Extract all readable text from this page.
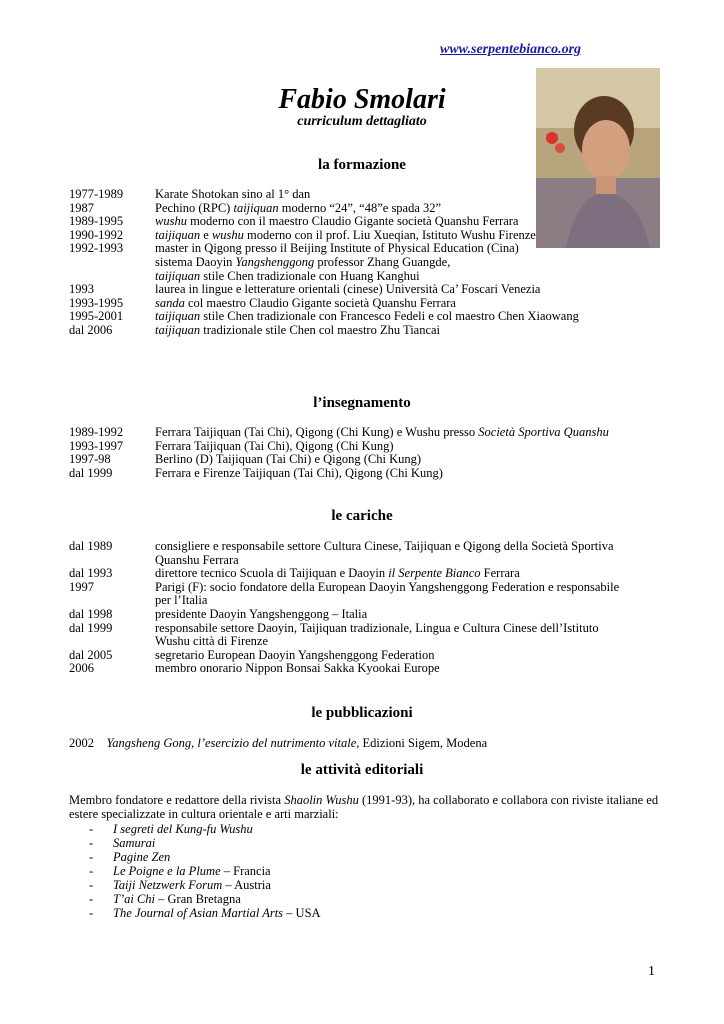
www.serpentebianco.org
Fabio Smolari
curriculum dettagliato
la formazione
1977-1989	Karate Shotokan sino al 1° dan
1987	Pechino (RPC) taijiquan moderno “24”, “48”e spada 32”
1989-1995	wushu moderno con il maestro Claudio Gigante società Quanshu Ferrara
1990-1992	taijiquan e wushu moderno con il prof. Liu Xueqian, Istituto Wushu Firenze
1992-1993	master in Qigong presso il Beijing Institute of Physical Education (Cina)
sistema Daoyin Yangshenggong professor Zhang Guangde,
taijiquan stile Chen tradizionale con Huang Kanghui
1993	laurea in lingue e letterature orientali (cinese) Università Ca’ Foscari Venezia
1993-1995	sanda col maestro Claudio Gigante società Quanshu Ferrara
1995-2001	taijiquan stile Chen tradizionale con Francesco Fedeli e col maestro Chen Xiaowang
dal 2006	taijiquan tradizionale stile Chen col maestro Zhu Tiancai
l’insegnamento
1989-1992	Ferrara Taijiquan (Tai Chi), Qigong (Chi Kung) e Wushu presso Società Sportiva Quanshu
1993-1997	Ferrara Taijiquan (Tai Chi), Qigong (Chi Kung)
1997-98	Berlino (D) Taijiquan (Tai Chi) e Qigong (Chi Kung)
dal 1999	Ferrara e Firenze Taijiquan (Tai Chi), Qigong (Chi Kung)
le cariche
dal 1989	consigliere e responsabile settore Cultura Cinese, Taijiquan e Qigong della Società Sportiva Quanshu Ferrara
dal 1993	direttore tecnico Scuola di Taijiquan e Daoyin il Serpente Bianco Ferrara
1997	Parigi (F): socio fondatore della European Daoyin Yangshenggong Federation e responsabile per l’Italia
dal 1998	presidente Daoyin Yangshenggong – Italia
dal 1999	responsabile settore Daoyin, Taijiquan tradizionale, Lingua e Cultura Cinese dell’Istituto Wushu città di Firenze
dal 2005	segretario European Daoyin Yangshenggong Federation
2006	membro onorario Nippon Bonsai Sakka Kyookai Europe
le pubblicazioni
2002 Yangsheng Gong, l’esercizio del nutrimento vitale, Edizioni Sigem, Modena
le attività editoriali
Membro fondatore e redattore della rivista Shaolin Wushu (1991-93), ha collaborato e collabora con riviste italiane ed estere specializzate in cultura orientale e arti marziali:
-	I segreti del Kung-fu Wushu
-	Samurai
-	Pagine Zen
-	Le Poigne e la Plume – Francia
-	Taiji Netzwerk Forum – Austria
-	T’ai Chi – Gran Bretagna
-	The Journal of Asian Martial Arts – USA
1
